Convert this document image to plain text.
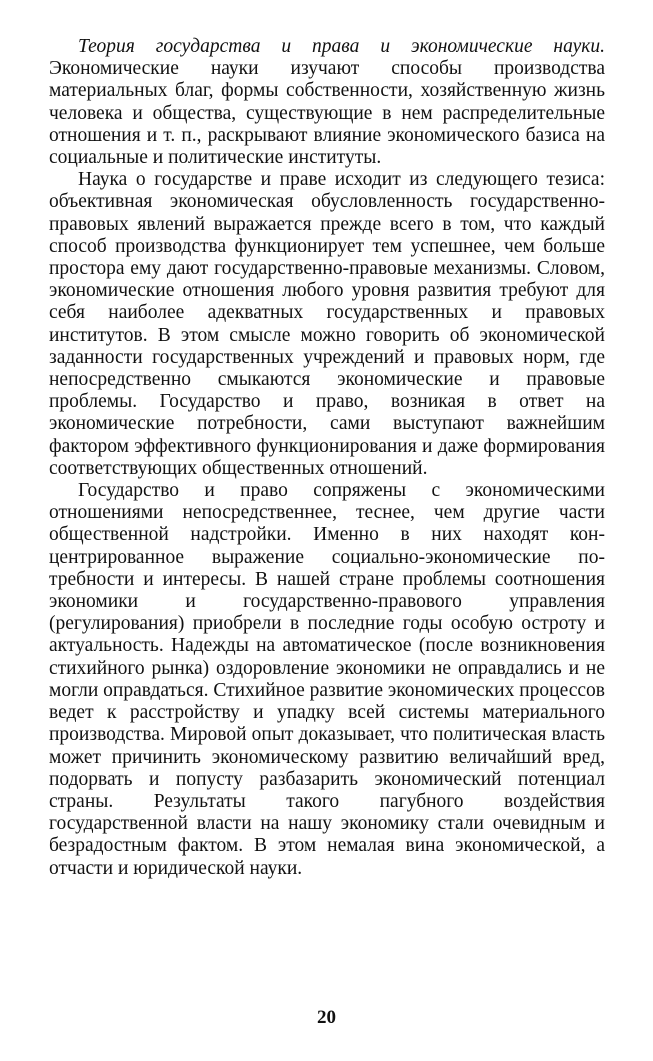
Теория государства и права и экономические науки. Экономические науки изучают способы производства материальных благ, формы собственности, хозяйственную жизнь человека и общества, существующие в нем распределительные отношения и т. п., раскрывают влияние экономического базиса на социальные и политические институты.

Наука о государстве и праве исходит из следующего тезиса: объективная экономическая обусловленность государственно-правовых явлений выражается прежде всего в том, что каждый способ производства функционирует тем успешнее, чем больше простора ему дают государственно-правовые механизмы. Словом, экономические отношения любого уровня развития требуют для себя наиболее адекватных государственных и правовых институтов. В этом смысле можно говорить об экономической заданности государственных учреждений и правовых норм, где непосредственно смыкаются экономические и правовые проблемы. Государство и право, возникая в ответ на экономические потребности, сами выступают важнейшим фактором эффективного функционирования и даже формирования соответствующих общественных отношений.

Государство и право сопряжены с экономическими отношениями непосредственнее, теснее, чем другие части общественной надстройки. Именно в них находят концентрированное выражение социально-экономические потребности и интересы. В нашей стране проблемы соотношения экономики и государственно-правового управления (регулирования) приобрели в последние годы особую остроту и актуальность. Надежды на автоматическое (после возникновения стихийного рынка) оздоровление экономики не оправдались и не могли оправдаться. Стихийное развитие экономических процессов ведет к расстройству и упадку всей системы материального производства. Мировой опыт доказывает, что политическая власть может причинить экономическому развитию величайший вред, подорвать и попусту разбазарить экономический потенциал страны. Результаты такого пагубного воздействия государственной власти на нашу экономику стали очевидным и безрадостным фактом. В этом немалая вина экономической, а отчасти и юридической науки.

20
